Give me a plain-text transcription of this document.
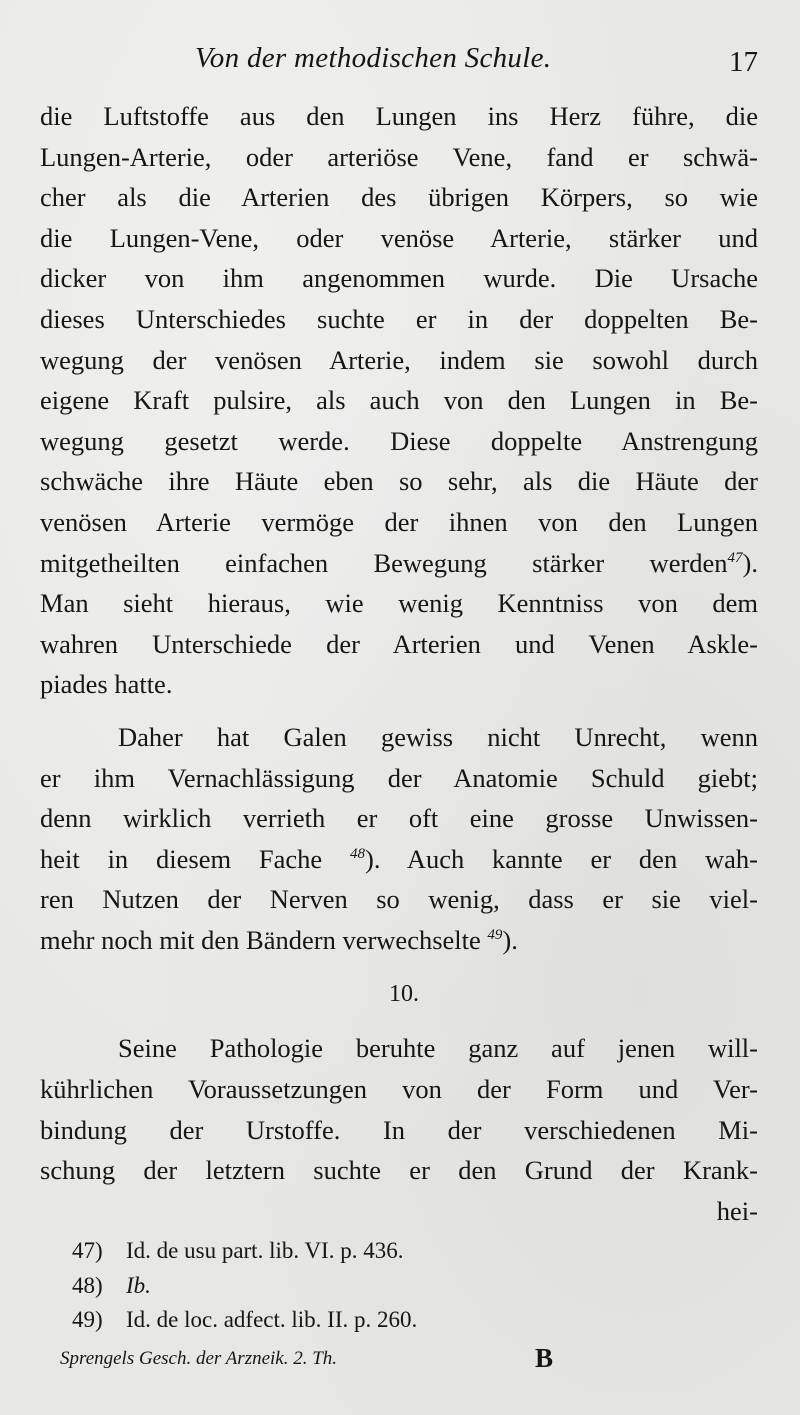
Von der methodischen Schule.	17
die Luftstoffe aus den Lungen ins Herz führe, die
Lungen-Arterie, oder arteriöse Vene, fand er schwä-
cher als die Arterien des übrigen Körpers, so wie
die Lungen-Vene, oder venöse Arterie, stärker und
dicker von ihm angenommen wurde. Die Ursache
dieses Unterschiedes suchte er in der doppelten Be-
wegung der venösen Arterie, indem sie sowohl durch
eigene Kraft pulsire, als auch von den Lungen in Be-
wegung gesetzt werde. Diese doppelte Anstrengung
schwäche ihre Häute eben so sehr, als die Häute der
venösen Arterie vermöge der ihnen von den Lungen
mitgetheilten einfachen Bewegung stärker werden$^{47}$).
Man sieht hieraus, wie wenig Kenntniss von dem
wahren Unterschiede der Arterien und Venen Askle-
piades hatte.
Daher hat Galen gewiss nicht Unrecht, wenn
er ihm Vernachlässigung der Anatomie Schuld giebt;
denn wirklich verrieth er oft eine grosse Unwissen-
heit in diesem Fache $^{48}$). Auch kannte er den wah-
ren Nutzen der Nerven so wenig, dass er sie viel-
mehr noch mit den Bändern verwechselte $^{49}$).
10.
Seine Pathologie beruhte ganz auf jenen will-
kührlichen Voraussetzungen von der Form und Ver-
bindung der Urstoffe. In der verschiedenen Mi-
schung der letztern suchte er den Grund der Krank-
hei-
47) Id. de usu part. lib. VI. p. 436.
48) Ib.
49) Id. de loc. adfect. lib. II. p. 260.
Sprengels Gesch. der Arzneik. 2. Th.	B
